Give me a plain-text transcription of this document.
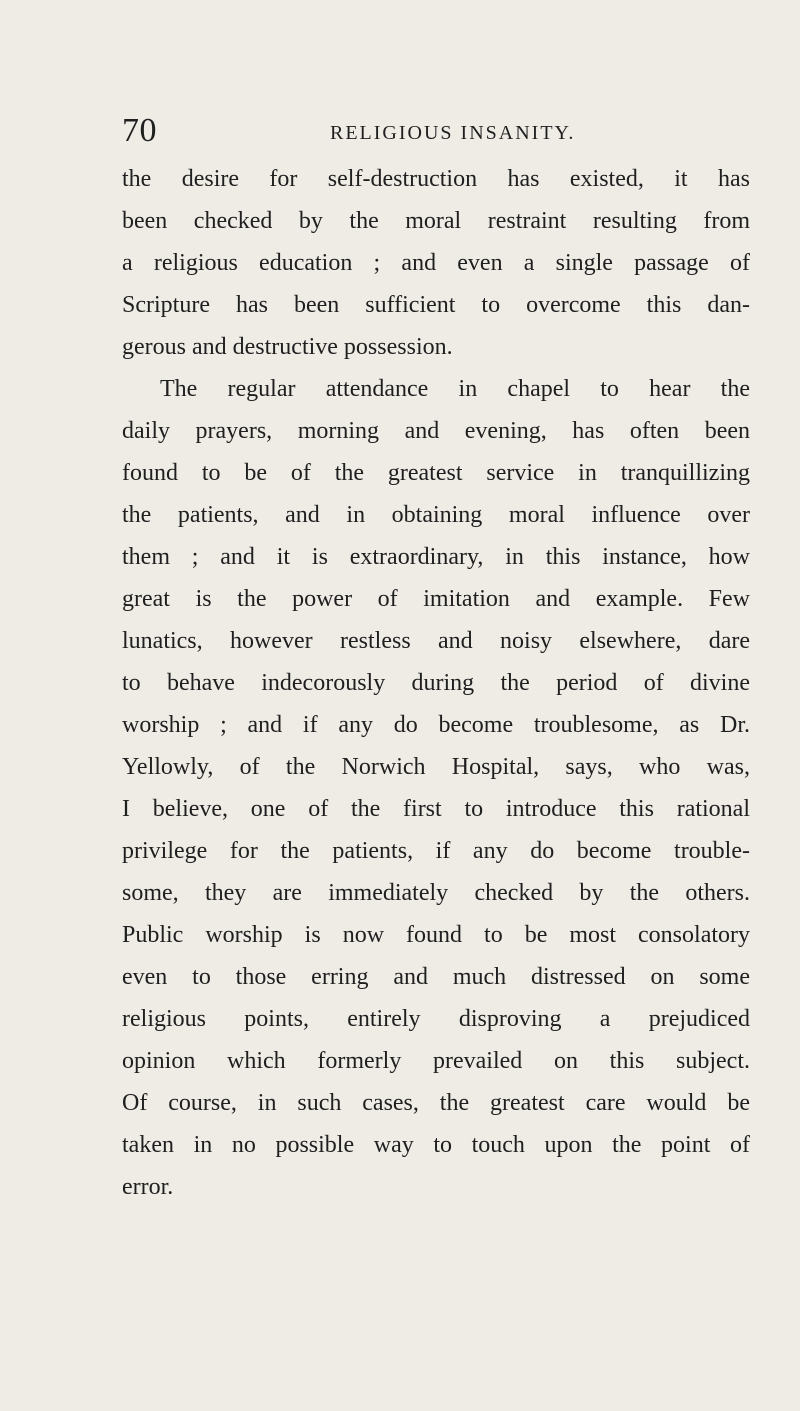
70	RELIGIOUS INSANITY.
the desire for self-destruction has existed, it has
been checked by the moral restraint resulting from
a religious education ; and even a single passage of
Scripture has been sufficient to overcome this dan-
gerous and destructive possession.
The regular attendance in chapel to hear the
daily prayers, morning and evening, has often been
found to be of the greatest service in tranquillizing
the patients, and in obtaining moral influence over
them ; and it is extraordinary, in this instance, how
great is the power of imitation and example. Few
lunatics, however restless and noisy elsewhere, dare
to behave indecorously during the period of divine
worship ; and if any do become troublesome, as Dr.
Yellowly, of the Norwich Hospital, says, who was,
I believe, one of the first to introduce this rational
privilege for the patients, if any do become trouble-
some, they are immediately checked by the others.
Public worship is now found to be most consolatory
even to those erring and much distressed on some
religious points, entirely disproving a prejudiced
opinion which formerly prevailed on this subject.
Of course, in such cases, the greatest care would be
taken in no possible way to touch upon the point of
error.
